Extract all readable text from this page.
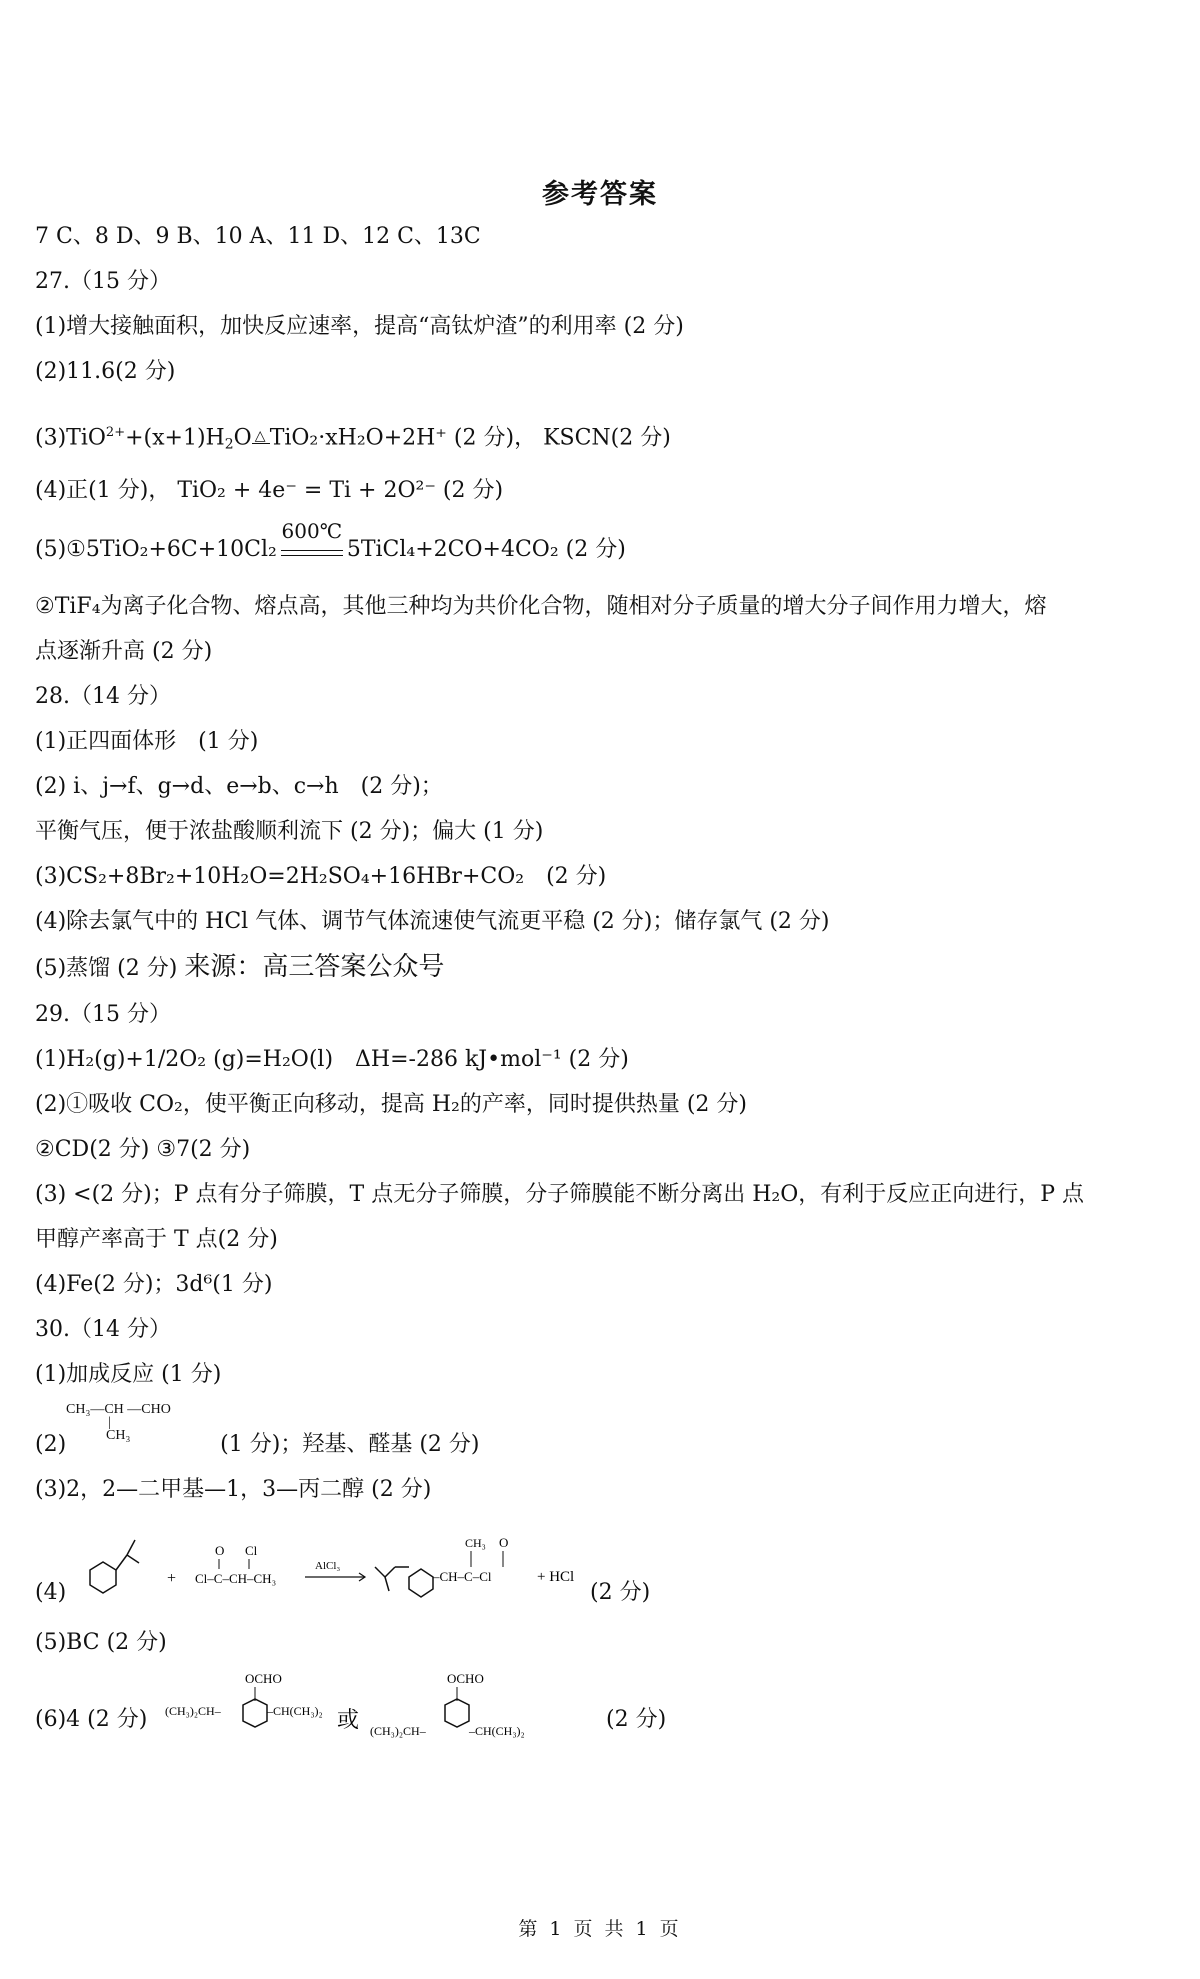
参考答案
7 C、8 D、9 B、10 A、11 D、12 C、13C
27.（15 分）
(1)增大接触面积，加快反应速率，提高“高钛炉渣”的利用率 (2 分)
(2)11.6(2 分)
$(3)TiO^{2+}+(x+1)H_2O$ △ TiO₂·xH₂O+2H⁺ (2 分)， KSCN(2 分)
(4)正(1 分)， TiO₂ + 4e⁻ = Ti + 2O²⁻ (2 分)
(5)①5TiO₂+6C+10Cl₂
600℃
5TiCl₄+2CO+4CO₂ (2 分)
②TiF₄为离子化合物、熔点高，其他三种均为共价化合物，随相对分子质量的增大分子间作用力增大，熔
点逐渐升高 (2 分)
28.（14 分）
(1)正四面体形　(1 分)
(2) i、j→f、g→d、e→b、c→h　(2 分)；
平衡气压，便于浓盐酸顺利流下 (2 分)；偏大 (1 分)
(3)CS₂+8Br₂+10H₂O=2H₂SO₄+16HBr+CO₂　(2 分)
(4)除去氯气中的 HCl 气体、调节气体流速使气流更平稳 (2 分)；储存氯气 (2 分)
(5)蒸馏 (2 分) 来源：高三答案公众号
29.（15 分）
(1)H₂(g)+1/2O₂ (g)=H₂O(l)　ΔH=-286 kJ•mol⁻¹ (2 分)
(2)①吸收 CO₂，使平衡正向移动，提高 H₂的产率，同时提供热量 (2 分)
②CD(2 分) ③7(2 分)
(3) <(2 分)；P 点有分子筛膜，T 点无分子筛膜，分子筛膜能不断分离出 H₂O，有利于反应正向进行，P 点
甲醇产率高于 T 点(2 分)
(4)Fe(2 分)；3d⁶(1 分)
30.（14 分）
(1)加成反应 (1 分)
CH₃—CH —CHO
|
CH₃
(2)	(1 分)；羟基、醛基 (2 分)
(3)2，2—二甲基—1，3—丙二醇 (2 分)
(4)
+
O Cl
Cl–C–CH–CH₃
AlCl₃
CH₃ O
–CH–C–Cl	+ HCl
(2 分)
(5)BC (2 分)
(6)4 (2 分)
OCHO
(CH₃)₂CH–	–CH(CH₃)₂ 或
OCHO
(CH₃)₂CH–	–CH(CH₃)₂	(2 分)
第 1 页 共 1 页
